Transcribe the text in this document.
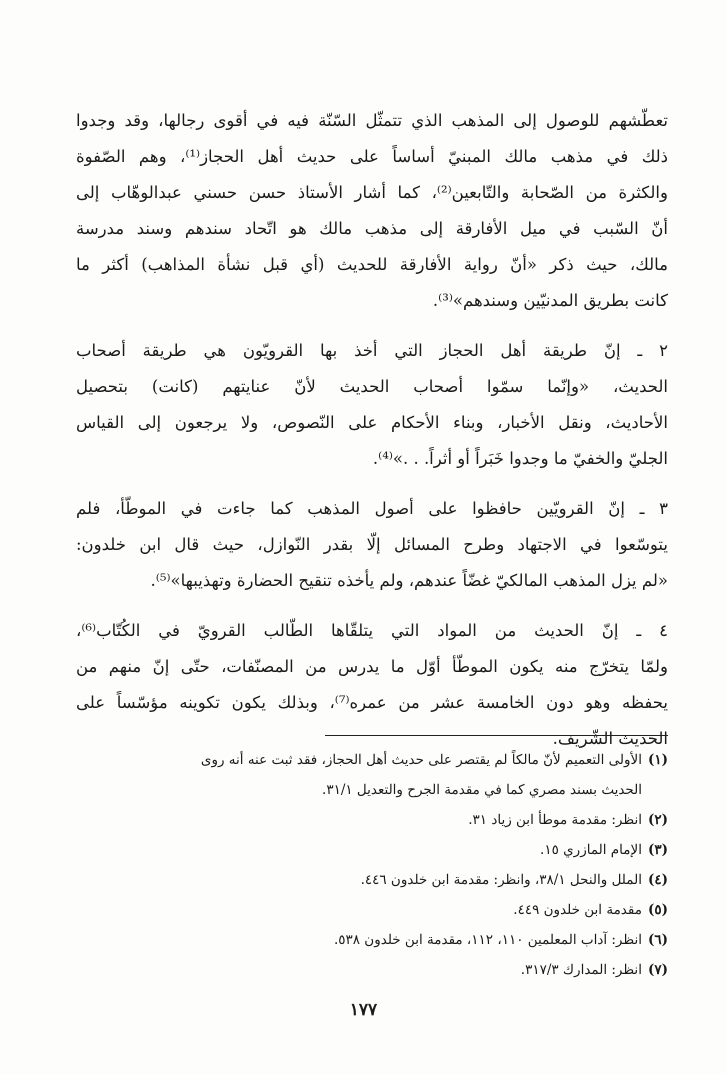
تعطّشهم للوصول إلى المذهب الذي تتمثّل السّنّة فيه في أقوى رجالها، وقد وجدوا
ذلك في مذهب مالك المبنيّ أساساً على حديث أهل الحجاز⁽¹⁾، وهم الصّفوة
والكثرة من الصّحابة والتّابعين⁽²⁾، كما أشار الأستاذ حسن حسني عبدالوهّاب إلى
أنّ السّبب في ميل الأفارقة إلى مذهب مالك هو اتّحاد سندهم وسند مدرسة
مالك، حيث ذكر «أنّ رواية الأفارقة للحديث (أي قبل نشأة المذاهب) أكثر ما
كانت بطريق المدنيّين وسندهم»⁽³⁾.
٢ ـ إنّ طريقة أهل الحجاز التي أخذ بها القرويّون هي طريقة أصحاب
الحديث، «وإنّما سمّوا أصحاب الحديث لأنّ عنايتهم (كانت) بتحصيل
الأحاديث، ونقل الأخبار، وبناء الأحكام على النّصوص، ولا يرجعون إلى القياس
الجليّ والخفيّ ما وجدوا خَبَراً أو أثراً. . .»⁽⁴⁾.
٣ ـ إنّ القرويّين حافظوا على أصول المذهب كما جاءت في الموطّأ، فلم
يتوسّعوا في الاجتهاد وطرح المسائل إلّا بقدر النّوازل، حيث قال ابن خلدون:
«لم يزل المذهب المالكيّ غضّاً عندهم، ولم يأخذه تنقيح الحضارة وتهذيبها»⁽⁵⁾.
٤ ـ إنّ الحديث من المواد التي يتلقّاها الطّالب القرويّ في الكُتّاب⁽⁶⁾،
ولمّا يتخرّج منه يكون الموطّأ أوّل ما يدرس من المصنّفات، حتّى إنّ منهم من
يحفظه وهو دون الخامسة عشر من عمره⁽⁷⁾، وبذلك يكون تكوينه مؤسّساً على
الحديث الشّريف.
(١)الأولى التعميم لأنّ مالكاً لم يقتصر على حديث أهل الحجاز، فقد ثبت عنه أنه روى
الحديث بسند مصري كما في مقدمة الجرح والتعديل ٣١/١.
(٢)انظر: مقدمة موطأ ابن زياد ٣١.
(٣)الإمام المازري ١٥.
(٤)الملل والنحل ٣٨/١، وانظر: مقدمة ابن خلدون ٤٤٦.
(٥)مقدمة ابن خلدون ٤٤٩.
(٦)انظر: آداب المعلمين ١١٠، ١١٢، مقدمة ابن خلدون ٥٣٨.
(٧)انظر: المدارك ٣١٧/٣.
١٧٧
